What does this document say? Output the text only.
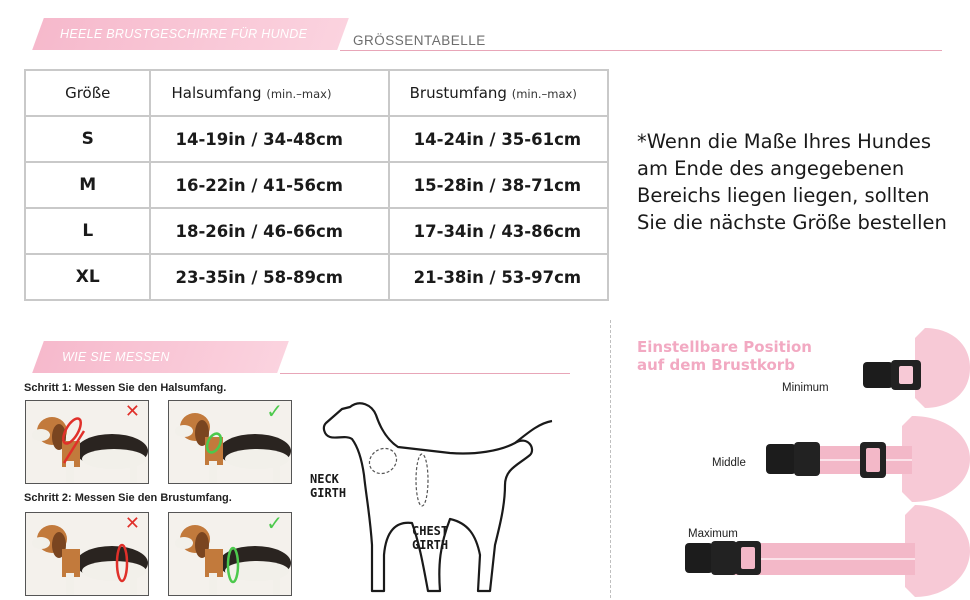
HEELE BRUSTGESCHIRRE FÜR HUNDE	GRÖSSENTABELLE
Größe	Halsumfang (min.–max)	Brustumfang (min.–max)
S	14-19in / 34-48cm	14-24in / 35-61cm
M	16-22in / 41-56cm	15-28in / 38-71cm
L	18-26in / 46-66cm	17-34in / 43-86cm
XL	23-35in / 58-89cm	21-38in / 53-97cm
*Wenn die Maße Ihres Hundes
am Ende des angegebenen
Bereichs liegen liegen, sollten
Sie die nächste Größe bestellen
WIE SIE MESSEN
Schritt 1: Messen Sie den Halsumfang.
Schritt 2: Messen Sie den Brustumfang.
✕	✓
✕	✓
NECK
GIRTH
CHEST
GIRTH
Einstellbare Position
auf dem Brustkorb
Minimum
Middle
Maximum
